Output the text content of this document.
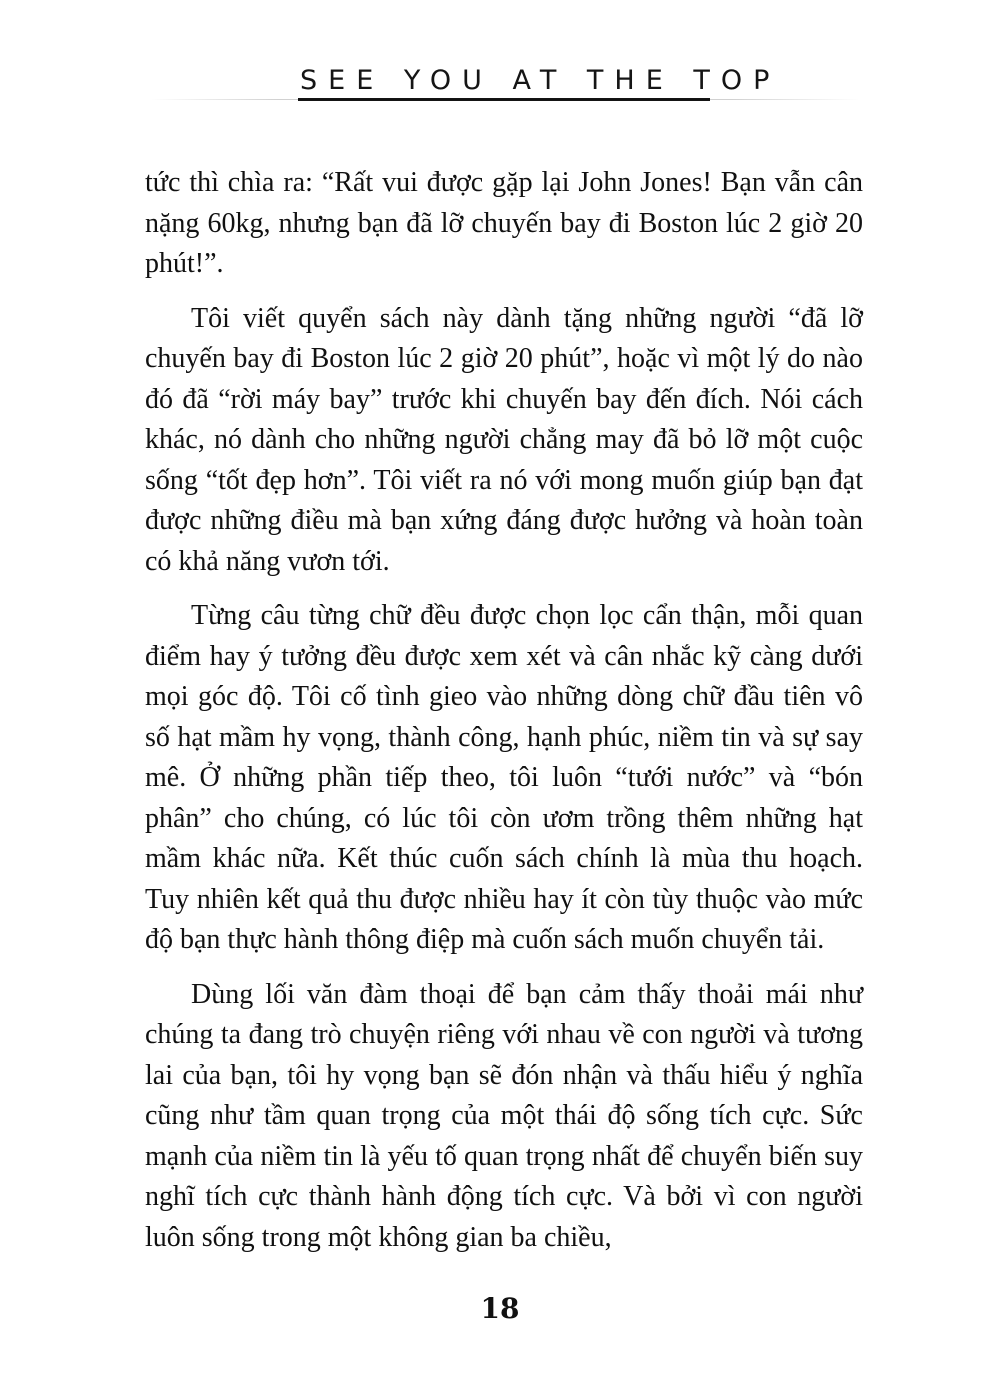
SEE YOU AT THE TOP

tức thì chìa ra: “Rất vui được gặp lại John Jones! Bạn vẫn cân nặng 60kg, nhưng bạn đã lỡ chuyến bay đi Boston lúc 2 giờ 20 phút!”.

Tôi viết quyển sách này dành tặng những người “đã lỡ chuyến bay đi Boston lúc 2 giờ 20 phút”, hoặc vì một lý do nào đó đã “rời máy bay” trước khi chuyến bay đến đích. Nói cách khác, nó dành cho những người chẳng may đã bỏ lỡ một cuộc sống “tốt đẹp hơn”. Tôi viết ra nó với mong muốn giúp bạn đạt được những điều mà bạn xứng đáng được hưởng và hoàn toàn có khả năng vươn tới.

Từng câu từng chữ đều được chọn lọc cẩn thận, mỗi quan điểm hay ý tưởng đều được xem xét và cân nhắc kỹ càng dưới mọi góc độ. Tôi cố tình gieo vào những dòng chữ đầu tiên vô số hạt mầm hy vọng, thành công, hạnh phúc, niềm tin và sự say mê. Ở những phần tiếp theo, tôi luôn “tưới nước” và “bón phân” cho chúng, có lúc tôi còn ươm trồng thêm những hạt mầm khác nữa. Kết thúc cuốn sách chính là mùa thu hoạch. Tuy nhiên kết quả thu được nhiều hay ít còn tùy thuộc vào mức độ bạn thực hành thông điệp mà cuốn sách muốn chuyển tải.

Dùng lối văn đàm thoại để bạn cảm thấy thoải mái như chúng ta đang trò chuyện riêng với nhau về con người và tương lai của bạn, tôi hy vọng bạn sẽ đón nhận và thấu hiểu ý nghĩa cũng như tầm quan trọng của một thái độ sống tích cực. Sức mạnh của niềm tin là yếu tố quan trọng nhất để chuyển biến suy nghĩ tích cực thành hành động tích cực. Và bởi vì con người luôn sống trong một không gian ba chiều,

18
